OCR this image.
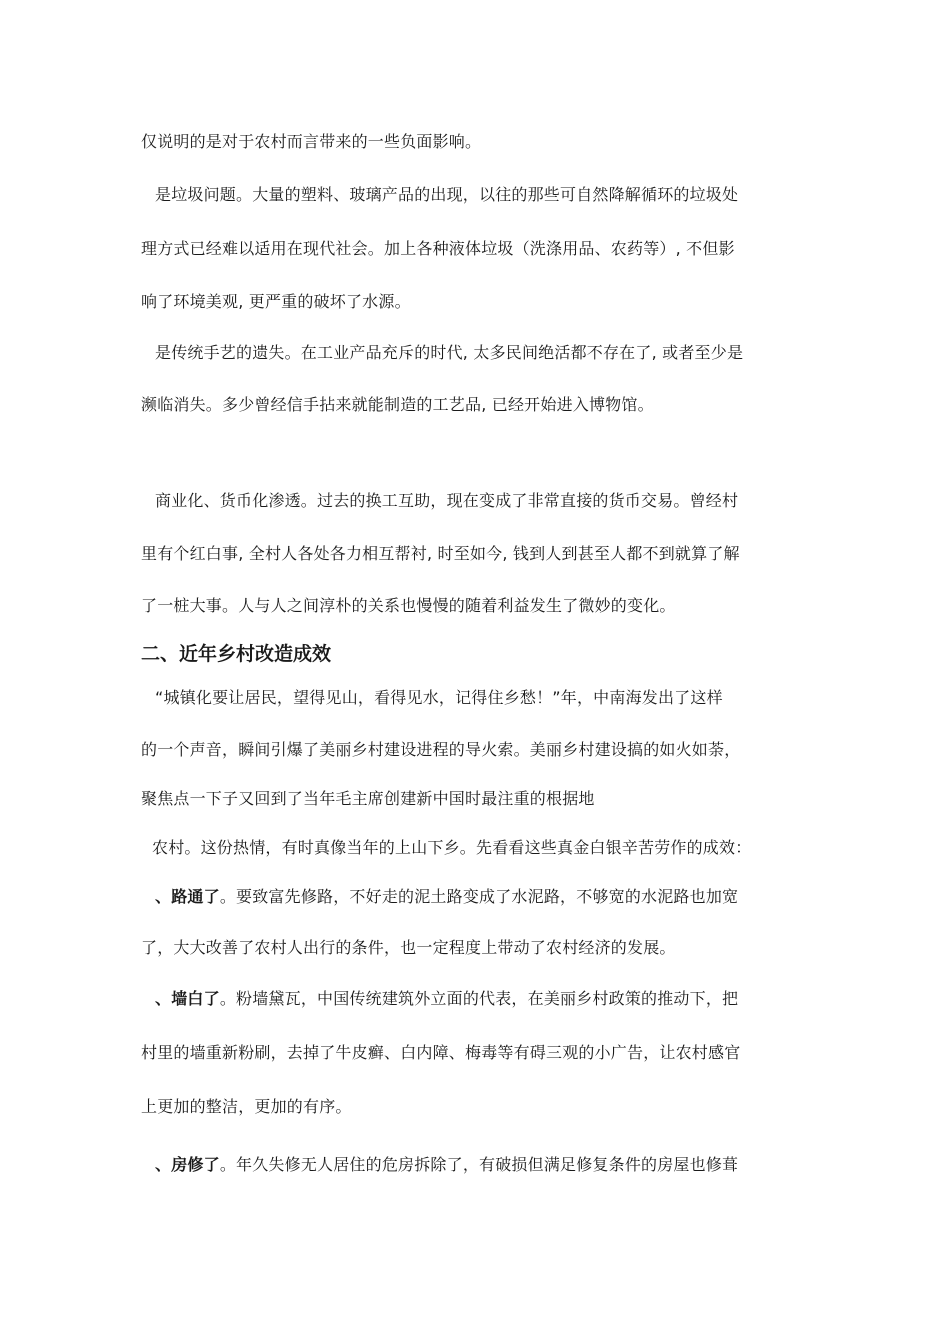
仅说明的是对于农村而言带来的一些负面影响。
是垃圾问题。大量的塑料、玻璃产品的出现，以往的那些可自然降解循环的垃圾处
理方式已经难以适用在现代社会。加上各种液体垃圾（洗涤用品、农药等）, 不但影
响了环境美观, 更严重的破坏了水源。
是传统手艺的遗失。在工业产品充斥的时代, 太多民间绝活都不存在了, 或者至少是
濒临消失。多少曾经信手拈来就能制造的工艺品, 已经开始进入博物馆。
商业化、货币化渗透。过去的换工互助，现在变成了非常直接的货币交易。曾经村
里有个红白事, 全村人各处各力相互帮衬, 时至如今, 钱到人到甚至人都不到就算了解
了一桩大事。人与人之间淳朴的关系也慢慢的随着利益发生了微妙的变化。
二、近年乡村改造成效
“城镇化要让居民，望得见山，看得见水，记得住乡愁！”年，中南海发出了这样
的一个声音，瞬间引爆了美丽乡村建设进程的导火索。美丽乡村建设搞的如火如荼，
聚焦点一下子又回到了当年毛主席创建新中国时最注重的根据地
农村。这份热情，有时真像当年的上山下乡。先看看这些真金白银辛苦劳作的成效：
、路通了。要致富先修路，不好走的泥土路变成了水泥路，不够宽的水泥路也加宽
了，大大改善了农村人出行的条件，也一定程度上带动了农村经济的发展。
、墙白了。粉墙黛瓦，中国传统建筑外立面的代表，在美丽乡村政策的推动下，把
村里的墙重新粉刷，去掉了牛皮癣、白内障、梅毒等有碍三观的小广告，让农村感官
上更加的整洁，更加的有序。
、房修了。年久失修无人居住的危房拆除了，有破损但满足修复条件的房屋也修葺
